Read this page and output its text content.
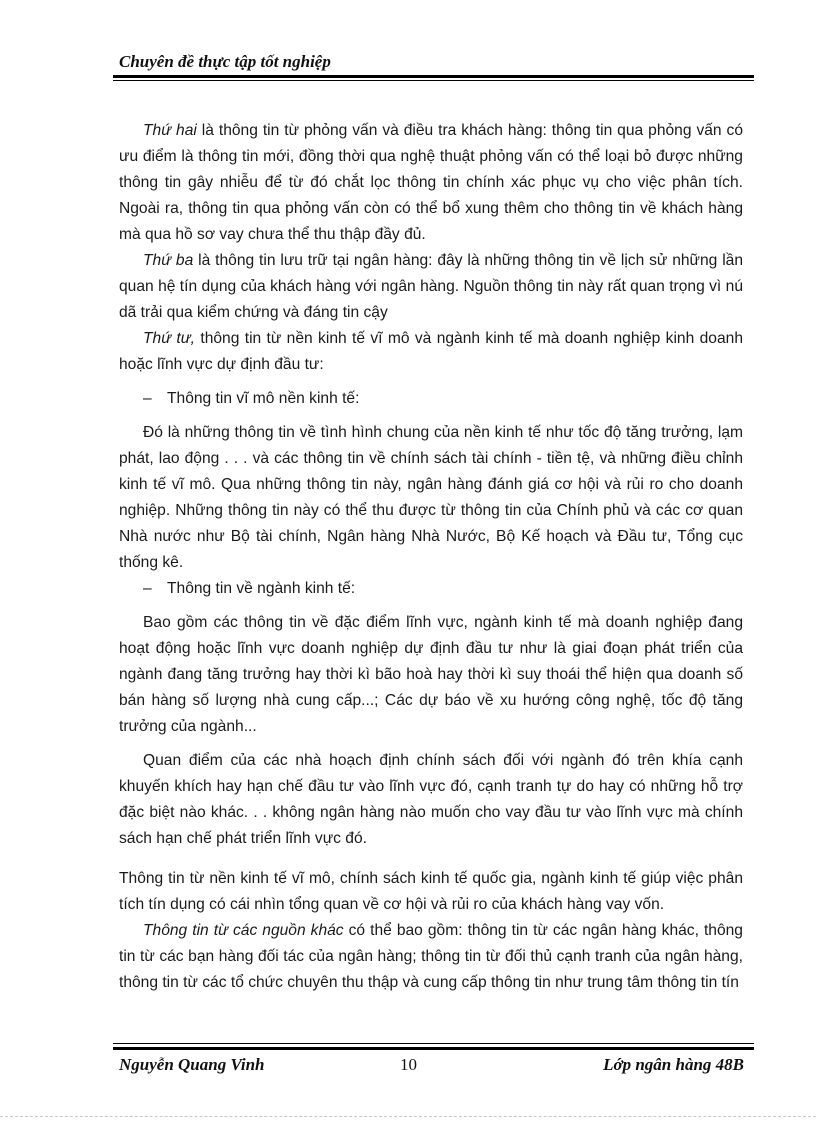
Chuyên đề thực tập tốt nghiệp

Thứ hai là thông tin từ phỏng vấn và điều tra khách hàng: thông tin qua phỏng vấn có ưu điểm là thông tin mới, đồng thời qua nghệ thuật phỏng vấn có thể loại bỏ được những thông tin gây nhiễu để từ đó chắt lọc thông tin chính xác phục vụ cho việc phân tích. Ngoài ra, thông tin qua phỏng vấn còn có thể bổ xung thêm cho thông tin về khách hàng mà qua hồ sơ vay chưa thể thu thập đầy đủ.

Thứ ba là thông tin lưu trữ tại ngân hàng: đây là những thông tin về lịch sử những lần quan hệ tín dụng của khách hàng với ngân hàng. Nguồn thông tin này rất quan trọng vì nú dã trải qua kiểm chứng và đáng tin cậy

Thứ tư, thông tin từ nền kinh tế vĩ mô và ngành kinh tế mà doanh nghiệp kinh doanh hoặc lĩnh vực dự định đầu tư:

– Thông tin vĩ mô nền kinh tế:

Đó là những thông tin về tình hình chung của nền kinh tế như tốc độ tăng trưởng, lạm phát, lao động . . . và các thông tin về chính sách tài chính - tiền tệ, và những điều chỉnh kinh tế vĩ mô. Qua những thông tin này, ngân hàng đánh giá cơ hội và rủi ro cho doanh nghiệp. Những thông tin này có thể thu được từ thông tin của Chính phủ và các cơ quan Nhà nước như Bộ tài chính, Ngân hàng Nhà Nước, Bộ Kế hoạch và Đầu tư, Tổng cục thống kê.

– Thông tin về ngành kinh tế:

Bao gồm các thông tin về đặc điểm lĩnh vực, ngành kinh tế mà doanh nghiệp đang hoạt động hoặc lĩnh vực doanh nghiệp dự định đầu tư như là giai đoạn phát triển của ngành đang tăng trưởng hay thời kì bão hoà hay thời kì suy thoái thể hiện qua doanh số bán hàng số lượng nhà cung cấp...; Các dự báo về xu hướng công nghệ, tốc độ tăng trưởng của ngành...

Quan điểm của các nhà hoạch định chính sách đối với ngành đó trên khía cạnh khuyến khích hay hạn chế đầu tư vào lĩnh vực đó, cạnh tranh tự do hay có những hỗ trợ đặc biệt nào khác. . . không ngân hàng nào muốn cho vay đầu tư vào lĩnh vực mà chính sách hạn chế phát triển lĩnh vực đó.

Thông tin từ nền kinh tế vĩ mô, chính sách kinh tế quốc gia, ngành kinh tế giúp việc phân tích tín dụng có cái nhìn tổng quan về cơ hội và rủi ro của khách hàng vay vốn.

Thông tin từ các nguồn khác có thể bao gồm: thông tin từ các ngân hàng khác, thông tin từ các bạn hàng đối tác của ngân hàng; thông tin từ đối thủ cạnh tranh của ngân hàng, thông tin từ các tổ chức chuyên thu thập và cung cấp thông tin như trung tâm thông tin tín

Nguyễn Quang Vinh	10	Lớp ngân hàng 48B
